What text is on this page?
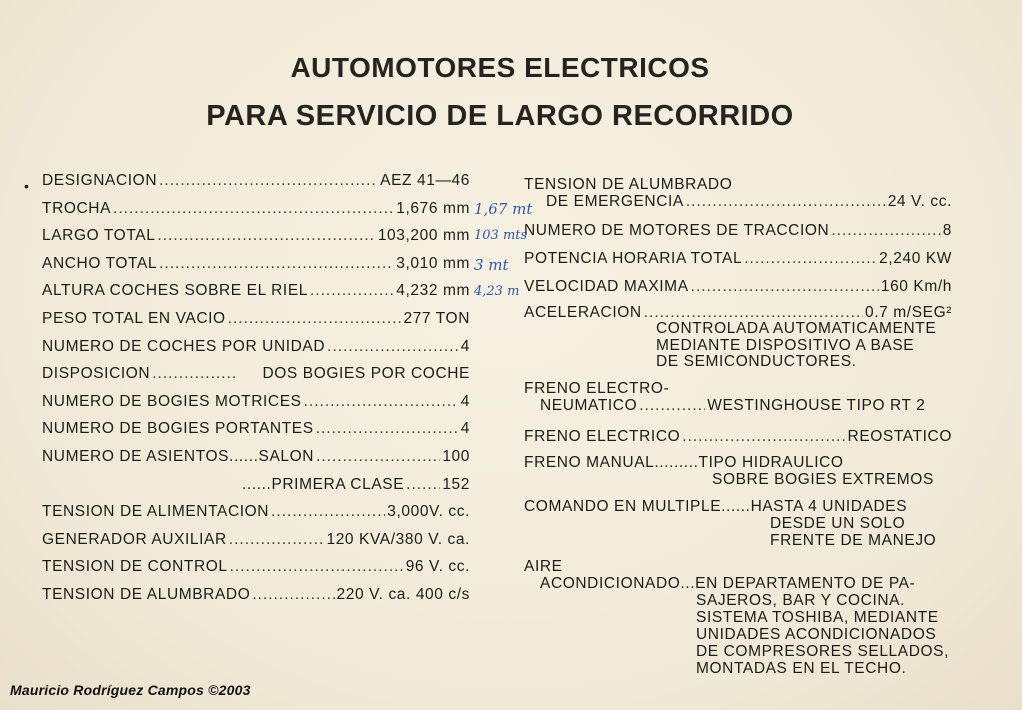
AUTOMOTORES ELECTRICOS
PARA SERVICIO DE LARGO RECORRIDO
• DESIGNACION .....	AEZ 41—46
TROCHA .....	1,676 mm
LARGO TOTAL .....	103,200 mm
ANCHO TOTAL .....	3,010 mm
ALTURA COCHES SOBRE EL RIEL .....	4,232 mm
PESO TOTAL EN VACIO .....	277 TON
NUMERO DE COCHES POR UNIDAD .....	4
DISPOSICION .....	DOS BOGIES POR COCHE
NUMERO DE BOGIES MOTRICES .....	4
NUMERO DE BOGIES PORTANTES .....	4
NUMERO DE ASIENTOS......SALON .....	100
......PRIMERA CLASE ..... 152
TENSION DE ALIMENTACION .....	3,000V. cc.
GENERADOR AUXILIAR .....	120 KVA/380 V. ca.
TENSION DE CONTROL .....	96 V. cc.
TENSION DE ALUMBRADO .....	220 V. ca. 400 c/s
1,67 mt
103 mts
3 mt
4,23 m
TENSION DE ALUMBRADO
DE EMERGENCIA .....	24 V. cc.
NUMERO DE MOTORES DE TRACCION .....	8
POTENCIA HORARIA TOTAL .....	2,240 KW
VELOCIDAD MAXIMA .....	160 Km/h
ACELERACION .....	0.7 m/SEG²
CONTROLADA AUTOMATICAMENTE
MEDIANTE DISPOSITIVO A BASE
DE SEMICONDUCTORES.
FRENO ELECTRO-
NEUMATICO .....	WESTINGHOUSE TIPO RT 2
FRENO ELECTRICO .....	REOSTATICO
FRENO MANUAL......... TIPO HIDRAULICO
SOBRE BOGIES EXTREMOS
COMANDO EN MULTIPLE...... HASTA 4 UNIDADES
DESDE UN SOLO
FRENTE DE MANEJO
AIRE
ACONDICIONADO... EN DEPARTAMENTO DE PA-
SAJEROS, BAR Y COCINA.
SISTEMA TOSHIBA, MEDIANTE
UNIDADES ACONDICIONADOS
DE COMPRESORES SELLADOS,
MONTADAS EN EL TECHO.
Mauricio Rodríguez Campos ©2003
